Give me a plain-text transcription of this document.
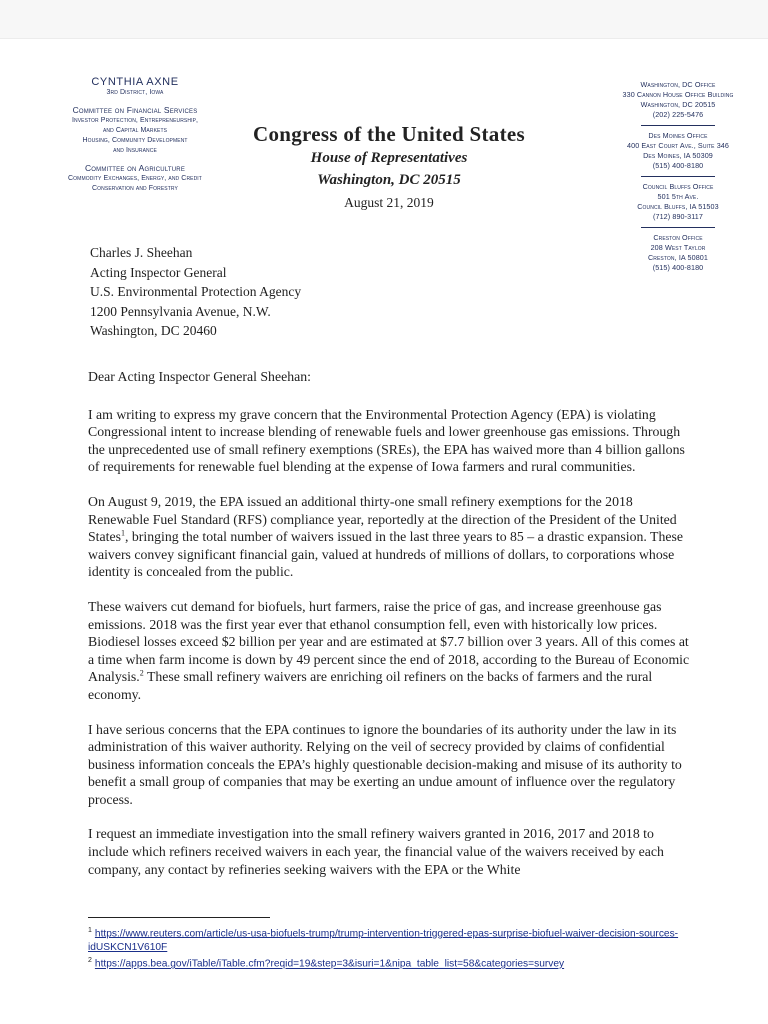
CYNTHIA AXNE
3rd District, Iowa
Committee on Financial Services
Investor Protection, Entrepreneurship,
and Capital Markets
Housing, Community Development
and Insurance
Committee on Agriculture
Commodity Exchanges, Energy, and Credit
Conservation and Forestry
Congress of the United States
House of Representatives
Washington, DC 20515
August 21, 2019
Washington, DC Office
330 Cannon House Office Building
Washington, DC 20515
(202) 225-5476
Des Moines Office
400 East Court Ave., Suite 346
Des Moines, IA 50309
(515) 400-8180
Council Bluffs Office
501 5th Ave.
Council Bluffs, IA 51503
(712) 890-3117
Creston Office
208 West Taylor
Creston, IA 50801
(515) 400-8180
Charles J. Sheehan
Acting Inspector General
U.S. Environmental Protection Agency
1200 Pennsylvania Avenue, N.W.
Washington, DC 20460

Dear Acting Inspector General Sheehan:

I am writing to express my grave concern that the Environmental Protection Agency (EPA) is violating Congressional intent to increase blending of renewable fuels and lower greenhouse gas emissions. Through the unprecedented use of small refinery exemptions (SREs), the EPA has waived more than 4 billion gallons of requirements for renewable fuel blending at the expense of Iowa farmers and rural communities.

On August 9, 2019, the EPA issued an additional thirty-one small refinery exemptions for the 2018 Renewable Fuel Standard (RFS) compliance year, reportedly at the direction of the President of the United States$^1$, bringing the total number of waivers issued in the last three years to 85 – a drastic expansion. These waivers convey significant financial gain, valued at hundreds of millions of dollars, to corporations whose identity is concealed from the public.

These waivers cut demand for biofuels, hurt farmers, raise the price of gas, and increase greenhouse gas emissions. 2018 was the first year ever that ethanol consumption fell, even with historically low prices. Biodiesel losses exceed $2 billion per year and are estimated at $7.7 billion over 3 years. All of this comes at a time when farm income is down by 49 percent since the end of 2018, according to the Bureau of Economic Analysis.$^2$ These small refinery waivers are enriching oil refiners on the backs of farmers and the rural economy.

I have serious concerns that the EPA continues to ignore the boundaries of its authority under the law in its administration of this waiver authority. Relying on the veil of secrecy provided by claims of confidential business information conceals the EPA’s highly questionable decision-making and misuse of its authority to benefit a small group of companies that may be exerting an undue amount of influence over the regulatory process.

I request an immediate investigation into the small refinery waivers granted in 2016, 2017 and 2018 to include which refiners received waivers in each year, the financial value of the waivers received by each company, any contact by refineries seeking waivers with the EPA or the White

$^1$ https://www.reuters.com/article/us-usa-biofuels-trump/trump-intervention-triggered-epas-surprise-biofuel-waiver-decision-sources-idUSKCN1V610F
$^2$ https://apps.bea.gov/iTable/iTable.cfm?reqid=19&step=3&isuri=1&nipa_table_list=58&categories=survey
